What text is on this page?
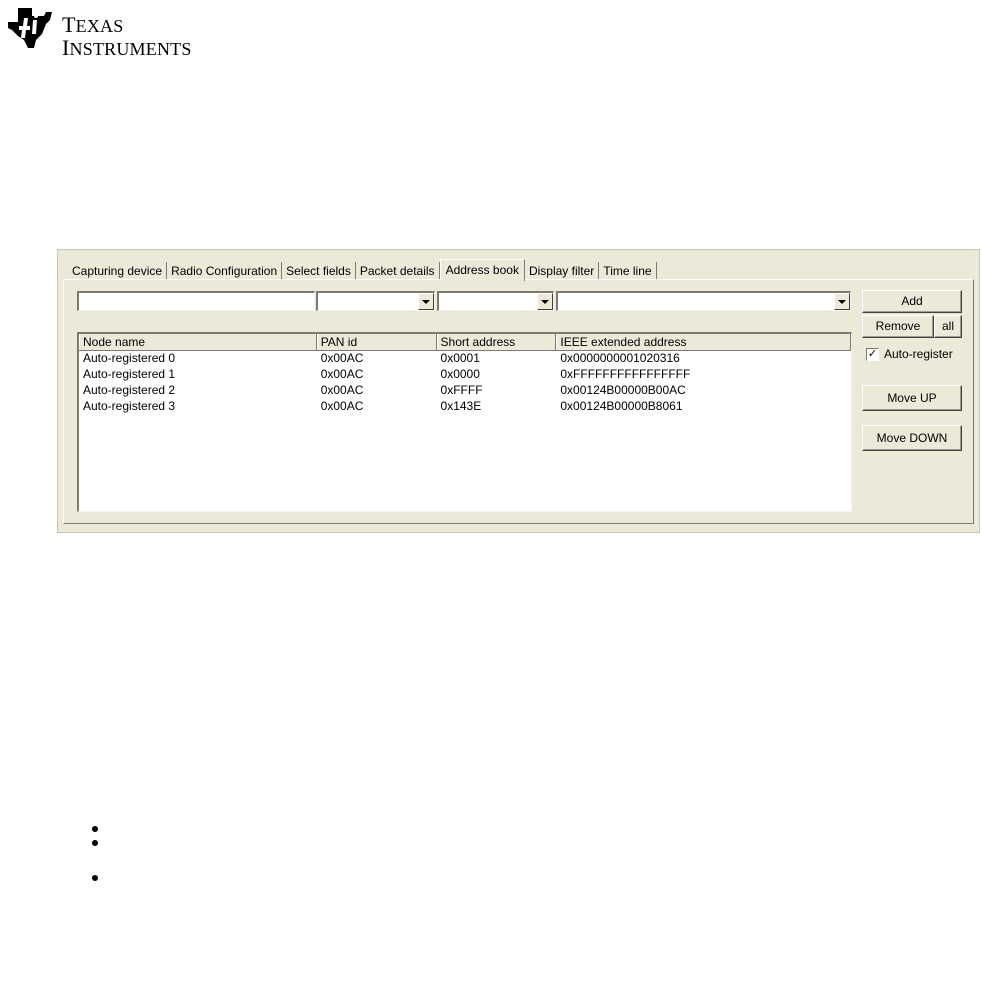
TEXAS
INSTRUMENTS
Capturing device Radio Configuration Select fields Packet details Address book Display filter Time line
Node name	PAN id	Short address	IEEE extended address
Auto-registered 0	0x00AC	0x0001	0x0000000001020316
Auto-registered 1	0x00AC	0x0000	0xFFFFFFFFFFFFFFFF
Auto-registered 2	0x00AC	0xFFFF	0x00124B00000B00AC
Auto-registered 3	0x00AC	0x143E	0x00124B00000B8061
Add
Remove	all
✓ Auto-register
Move UP
Move DOWN
